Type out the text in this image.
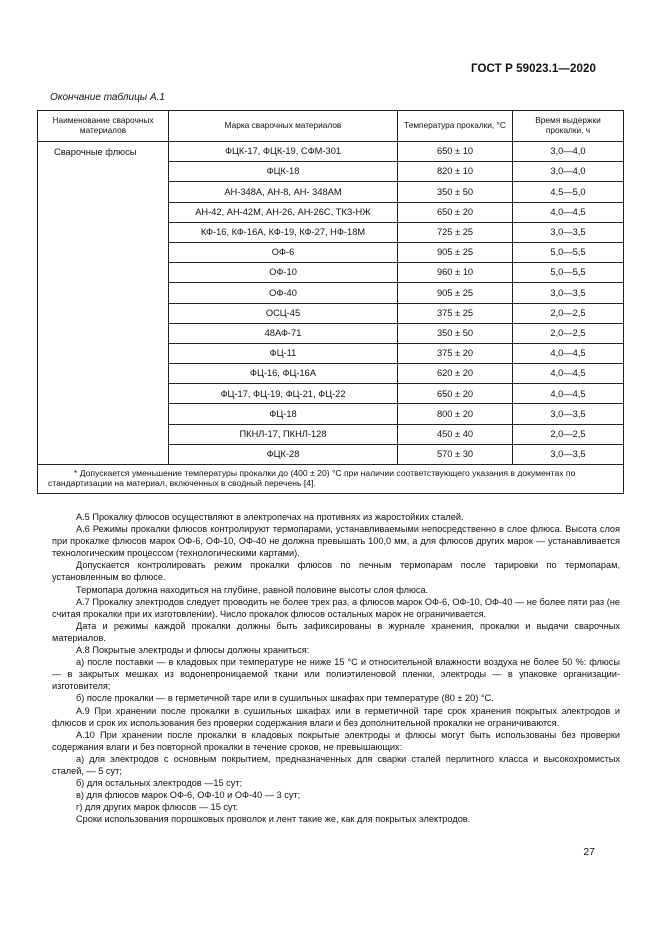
ГОСТ Р 59023.1—2020
Окончание таблицы А.1
Наименование сварочных материалов	Марка сварочных материалов	Температура прокалки, °С	Время выдержки прокалки, ч
Сварочные флюсы	ФЦК-17, ФЦК-19, СФМ-301	650 ± 10	3,0—4,0
	ФЦК-18	820 ± 10	3,0—4,0
	АН-348А, АН-8, АН- 348АМ	350 ± 50	4,5—5,0
	АН-42, АН-42М, АН-26, АН-26С, ТКЗ-НЖ	650 ± 20	4,0—4,5
	КФ-16, КФ-16А, КФ-19, КФ-27, НФ-18М	725 ± 25	3,0—3,5
	ОФ-6	905 ± 25	5,0—5,5
	ОФ-10	960 ± 10	5,0—5,5
	ОФ-40	905 ± 25	3,0—3,5
	ОСЦ-45	375 ± 25	2,0—2,5
	48АФ-71	350 ± 50	2,0—2,5
	ФЦ-11	375 ± 20	4,0—4,5
	ФЦ-16, ФЦ-16А	620 ± 20	4,0—4,5
	ФЦ-17, ФЦ-19, ФЦ-21, ФЦ-22	650 ± 20	4,0—4,5
	ФЦ-18	800 ± 20	3,0—3,5
	ПКНЛ-17, ПКНЛ-128	450 ± 40	2,0—2,5
	ФЦК-28	570 ± 30	3,0—3,5
* Допускается уменьшение температуры прокалки до (400 ± 20) °С при наличии соответствующего указания в документах по стандартизации на материал, включенных в сводный перечень [4].			

А.5 Прокалку флюсов осуществляют в электропечах на противнях из жаростойких сталей.

А.6 Режимы прокалки флюсов контролируют термопарами, устанавливаемыми непосредственно в слое флюса. Высота слоя при прокалке флюсов марок ОФ-6, ОФ-10, ОФ-40 не должна превышать 100,0 мм, а для флюсов других марок — устанавливается технологическим процессом (технологическими картами).

Допускается контролировать режим прокалки флюсов по печным термопарам после тарировки по термопарам, установленным во флюсе.

Термопара должна находиться на глубине, равной половине высоты слоя флюса.

А.7 Прокалку электродов следует проводить не более трех раз, а флюсов марок ОФ-6, ОФ-10, ОФ-40 — не более пяти раз (не считая прокалки при их изготовлении). Число прокалок флюсов остальных марок не ограничивается.

Дата и режимы каждой прокалки должны быть зафиксированы в журнале хранения, прокалки и выдачи сварочных материалов.

А.8 Покрытые электроды и флюсы должны храниться:

а) после поставки — в кладовых при температуре не ниже 15 °С и относительной влажности воздуха не более 50 %: флюсы — в закрытых мешках из водонепроницаемой ткани или полиэтиленовой пленки, электроды — в упаковке организации-изготовителя;

б) после прокалки — в герметичной таре или в сушильных шкафах при температуре (80 ± 20) °С.

А.9 При хранении после прокалки в сушильных шкафах или в герметичной таре срок хранения покрытых электродов и флюсов и срок их использования без проверки содержания влаги и без дополнительной прокалки не ограничиваются.

А.10 При хранении после прокалки в кладовых покрытые электроды и флюсы могут быть использованы без проверки содержания влаги и без повторной прокалки в течение сроков, не превышающих:

а) для электродов с основным покрытием, предназначенных для сварки сталей перлитного класса и высокохромистых сталей, — 5 сут;

б) для остальных электродов —15 сут;

в) для флюсов марок ОФ-6, ОФ-10 и ОФ-40 — 3 сут;

г) для других марок флюсов — 15 сут.

Сроки использования порошковых проволок и лент такие же, как для покрытых электродов.

27
